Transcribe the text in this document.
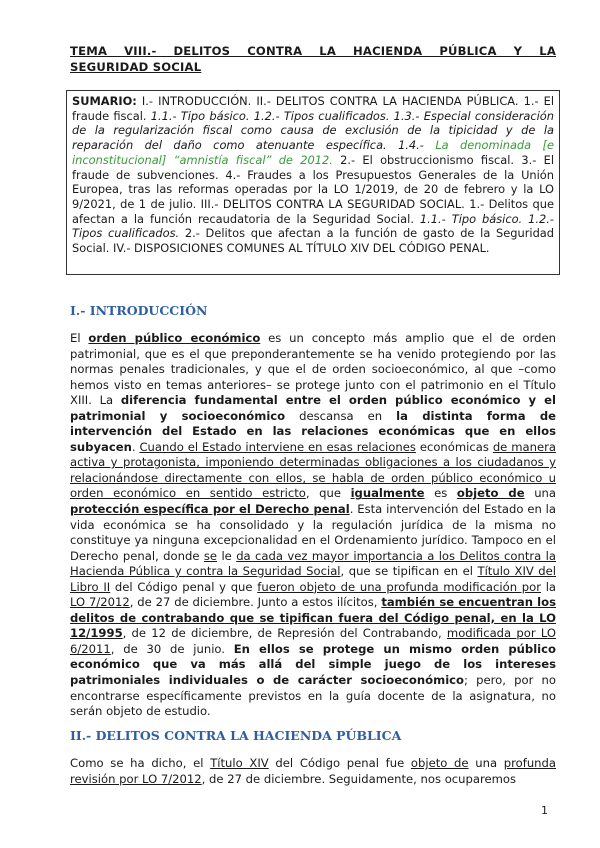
TEMA VIII.- DELITOS CONTRA LA HACIENDA PÚBLICA Y LA
SEGURIDAD SOCIAL
SUMARIO: I.- INTRODUCCIÓN. II.- DELITOS CONTRA LA HACIENDA PÚBLICA. 1.- El fraude fiscal. 1.1.- Tipo básico. 1.2.- Tipos cualificados. 1.3.- Especial consideración de la regularización fiscal como causa de exclusión de la tipicidad y de la reparación del daño como atenuante específica. 1.4.- La denominada [e inconstitucional] “amnistía fiscal” de 2012. 2.- El obstruccionismo fiscal. 3.- El fraude de subvenciones. 4.- Fraudes a los Presupuestos Generales de la Unión Europea, tras las reformas operadas por la LO 1/2019, de 20 de febrero y la LO 9/2021, de 1 de julio. III.- DELITOS CONTRA LA SEGURIDAD SOCIAL. 1.- Delitos que afectan a la función recaudatoria de la Seguridad Social. 1.1.- Tipo básico. 1.2.- Tipos cualificados. 2.- Delitos que afectan a la función de gasto de la Seguridad Social. IV.- DISPOSICIONES COMUNES AL TÍTULO XIV DEL CÓDIGO PENAL.
I.- INTRODUCCIÓN

El orden público económico es un concepto más amplio que el de orden patrimonial, que es el que preponderantemente se ha venido protegiendo por las normas penales tradicionales, y que el de orden socioeconómico, al que –como hemos visto en temas anteriores– se protege junto con el patrimonio en el Título XIII. La diferencia fundamental entre el orden público económico y el patrimonial y socioeconómico descansa en la distinta forma de intervención del Estado en las relaciones económicas que en ellos subyacen. Cuando el Estado interviene en esas relaciones económicas de manera activa y protagonista, imponiendo determinadas obligaciones a los ciudadanos y relacionándose directamente con ellos, se habla de orden público económico u orden económico en sentido estricto, que igualmente es objeto de una protección específica por el Derecho penal. Esta intervención del Estado en la vida económica se ha consolidado y la regulación jurídica de la misma no constituye ya ninguna excepcionalidad en el Ordenamiento jurídico. Tampoco en el Derecho penal, donde se le da cada vez mayor importancia a los Delitos contra la Hacienda Pública y contra la Seguridad Social, que se tipifican en el Título XIV del Libro II del Código penal y que fueron objeto de una profunda modificación por la LO 7/2012, de 27 de diciembre. Junto a estos ilícitos, también se encuentran los delitos de contrabando que se tipifican fuera del Código penal, en la LO 12/1995, de 12 de diciembre, de Represión del Contrabando, modificada por LO 6/2011, de 30 de junio. En ellos se protege un mismo orden público económico que va más allá del simple juego de los intereses patrimoniales individuales o de carácter socioeconómico; pero, por no encontrarse específicamente previstos en la guía docente de la asignatura, no serán objeto de estudio.

II.- DELITOS CONTRA LA HACIENDA PÚBLICA

Como se ha dicho, el Título XIV del Código penal fue objeto de una profunda revisión por LO 7/2012, de 27 de diciembre. Seguidamente, nos ocuparemos

1
